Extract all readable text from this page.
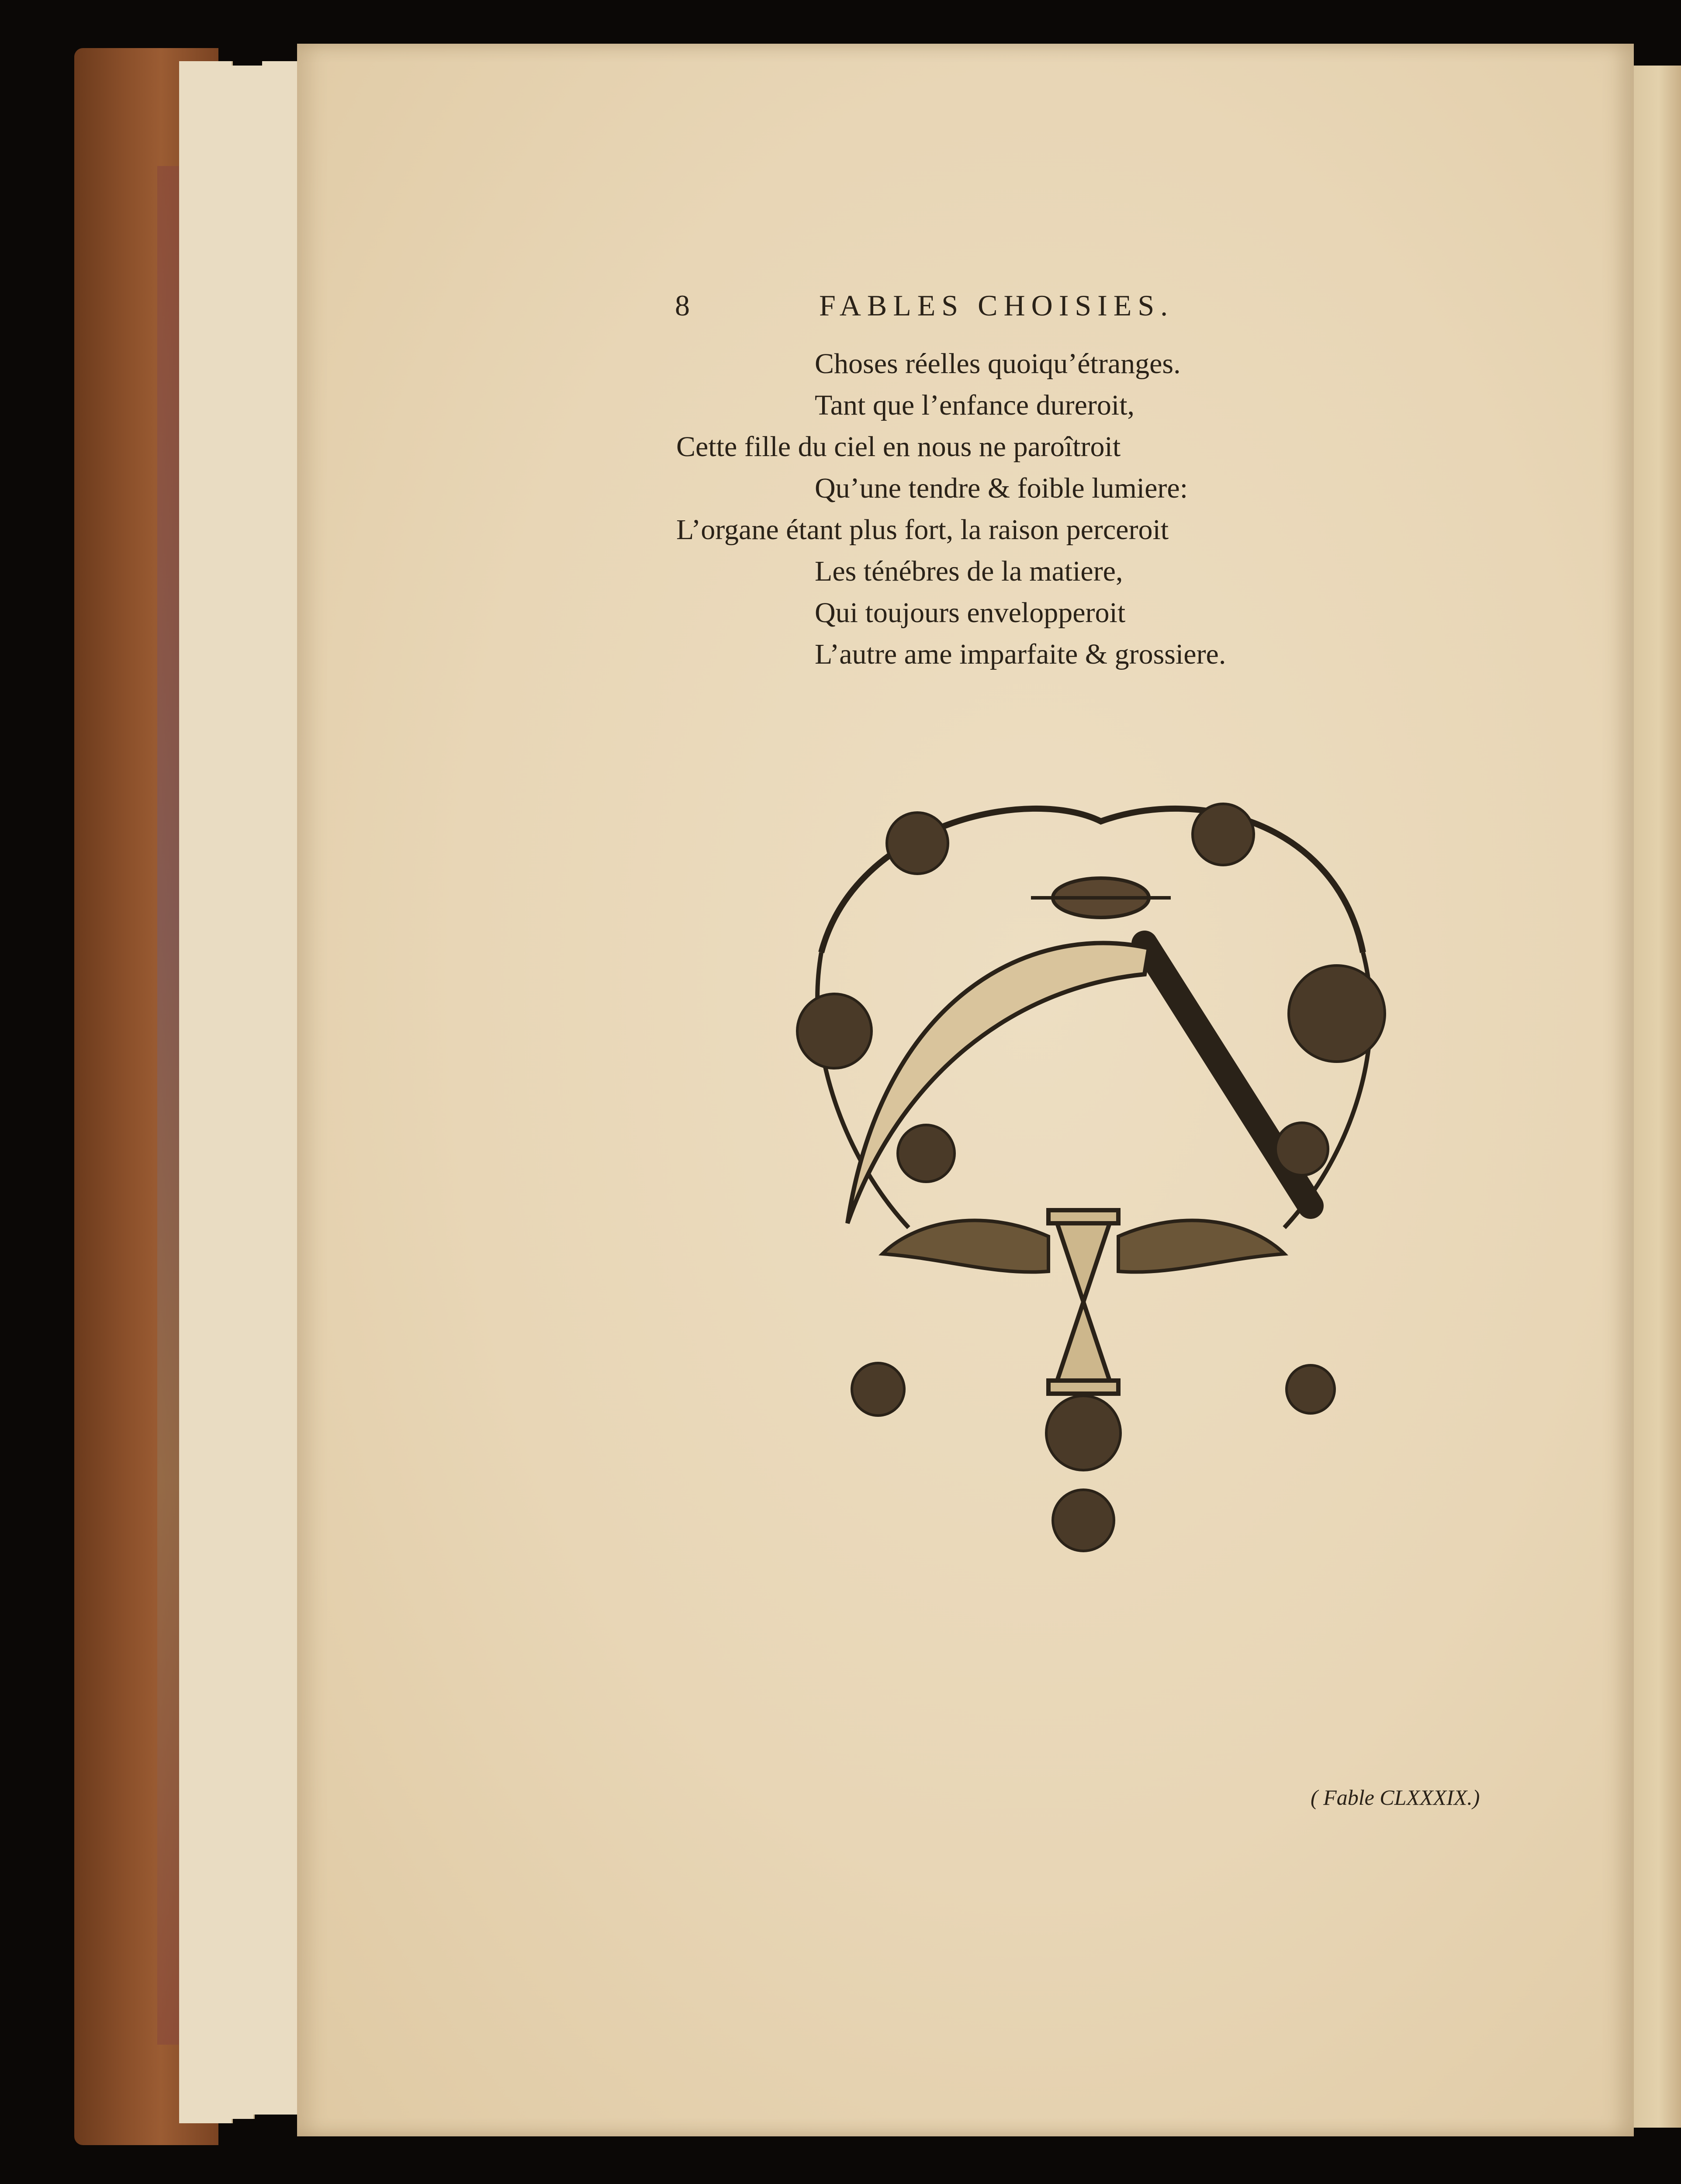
8	FABLES CHOISIES.
Choses réelles quoiqu’étranges.
Tant que l’enfance dureroit,
Cette fille du ciel en nous ne paroîtroit
Qu’une tendre & foible lumiere:
L’organe étant plus fort, la raison perceroit
Les ténébres de la matiere,
Qui toujours envelopperoit
L’autre ame imparfaite & grossiere.
( Fable CLXXXIX.)
